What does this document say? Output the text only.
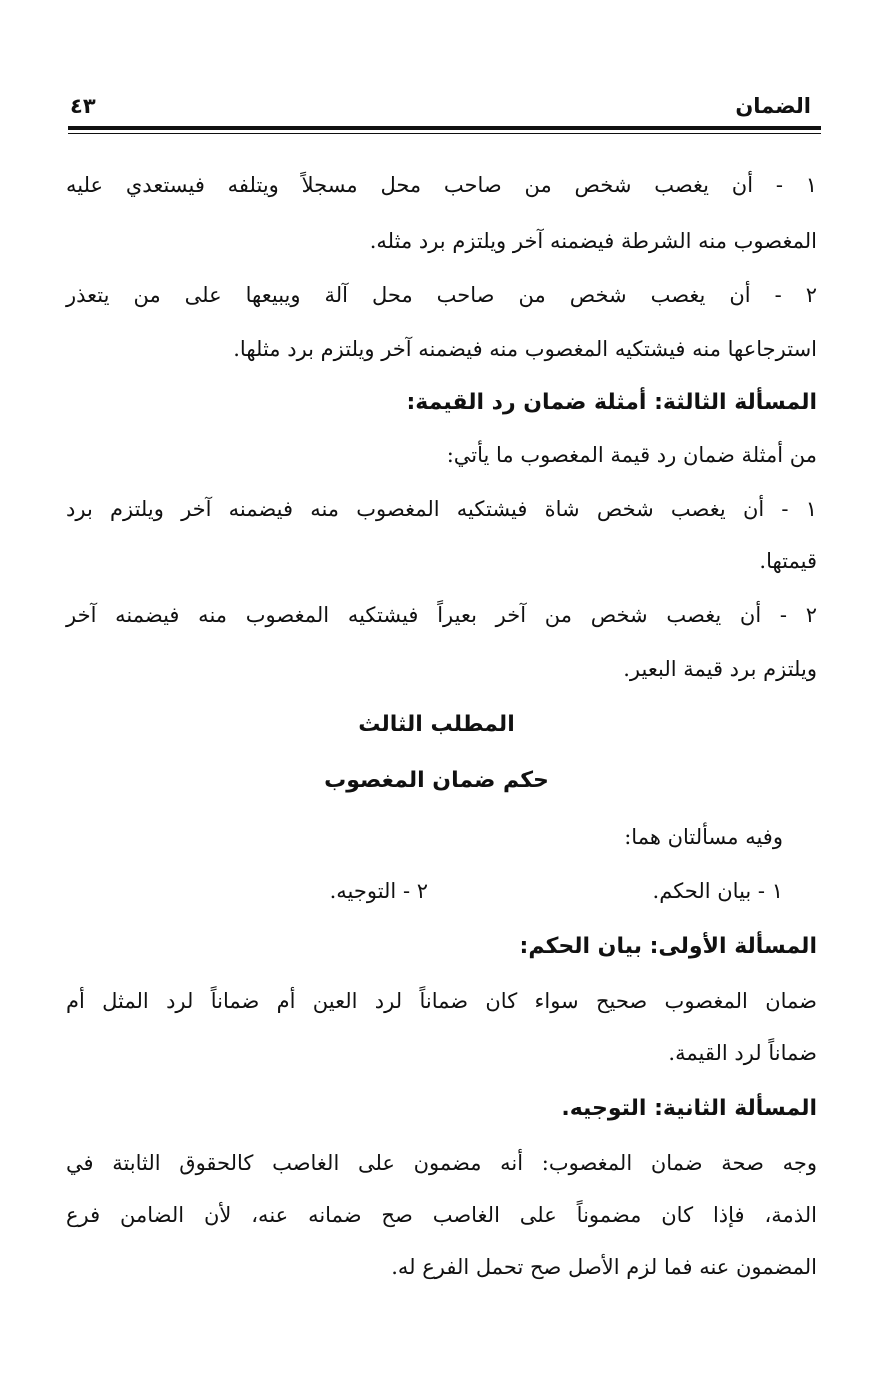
الضمان
٤٣
١ - أن يغصب شخص من صاحب محل مسجلاً ويتلفه فيستعدي عليه
المغصوب منه الشرطة فيضمنه آخر ويلتزم برد مثله.
٢ - أن يغصب شخص من صاحب محل آلة ويبيعها على من يتعذر
استرجاعها منه فيشتكيه المغصوب منه فيضمنه آخر ويلتزم برد مثلها.
المسألة الثالثة: أمثلة ضمان رد القيمة:
من أمثلة ضمان رد قيمة المغصوب ما يأتي:
١ - أن يغصب شخص شاة فيشتكيه المغصوب منه فيضمنه آخر ويلتزم برد
قيمتها.
٢ - أن يغصب شخص من آخر بعيراً فيشتكيه المغصوب منه فيضمنه آخر
ويلتزم برد قيمة البعير.
المطلب الثالث
حكم ضمان المغصوب
وفيه مسألتان هما:
١ - بيان الحكم.
٢ - التوجيه.
المسألة الأولى: بيان الحكم:
ضمان المغصوب صحيح سواء كان ضماناً لرد العين أم ضماناً لرد المثل أم
ضماناً لرد القيمة.
المسألة الثانية: التوجيه.
وجه صحة ضمان المغصوب: أنه مضمون على الغاصب كالحقوق الثابتة في
الذمة، فإذا كان مضموناً على الغاصب صح ضمانه عنه، لأن الضامن فرع
المضمون عنه فما لزم الأصل صح تحمل الفرع له.
